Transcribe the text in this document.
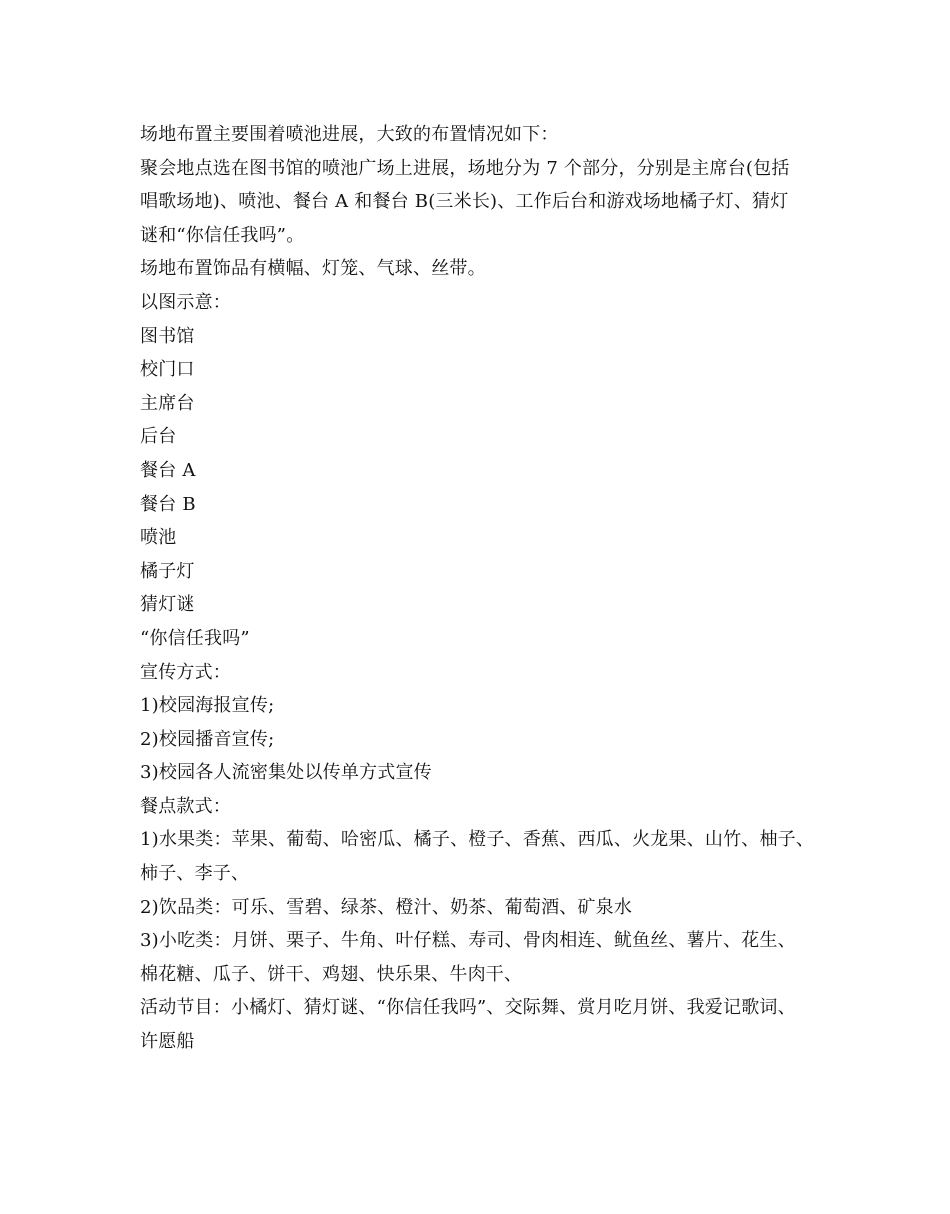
场地布置主要围着喷池进展，大致的布置情况如下：
聚会地点选在图书馆的喷池广场上进展，场地分为 7 个部分，分别是主席台(包括
唱歌场地)、喷池、餐台 A 和餐台 B(三米长)、工作后台和游戏场地橘子灯、猜灯
谜和“你信任我吗”。
场地布置饰品有横幅、灯笼、气球、丝带。
以图示意：
图书馆
校门口
主席台
后台
餐台 A
餐台 B
喷池
橘子灯
猜灯谜
“你信任我吗”
宣传方式：
1)校园海报宣传;
2)校园播音宣传;
3)校园各人流密集处以传单方式宣传
餐点款式：
1)水果类：苹果、葡萄、哈密瓜、橘子、橙子、香蕉、西瓜、火龙果、山竹、柚子、
柿子、李子、
2)饮品类：可乐、雪碧、绿茶、橙汁、奶茶、葡萄酒、矿泉水
3)小吃类：月饼、栗子、牛角、叶仔糕、寿司、骨肉相连、鱿鱼丝、薯片、花生、
棉花糖、瓜子、饼干、鸡翅、快乐果、牛肉干、
活动节目：小橘灯、猜灯谜、“你信任我吗”、交际舞、赏月吃月饼、我爱记歌词、
许愿船
